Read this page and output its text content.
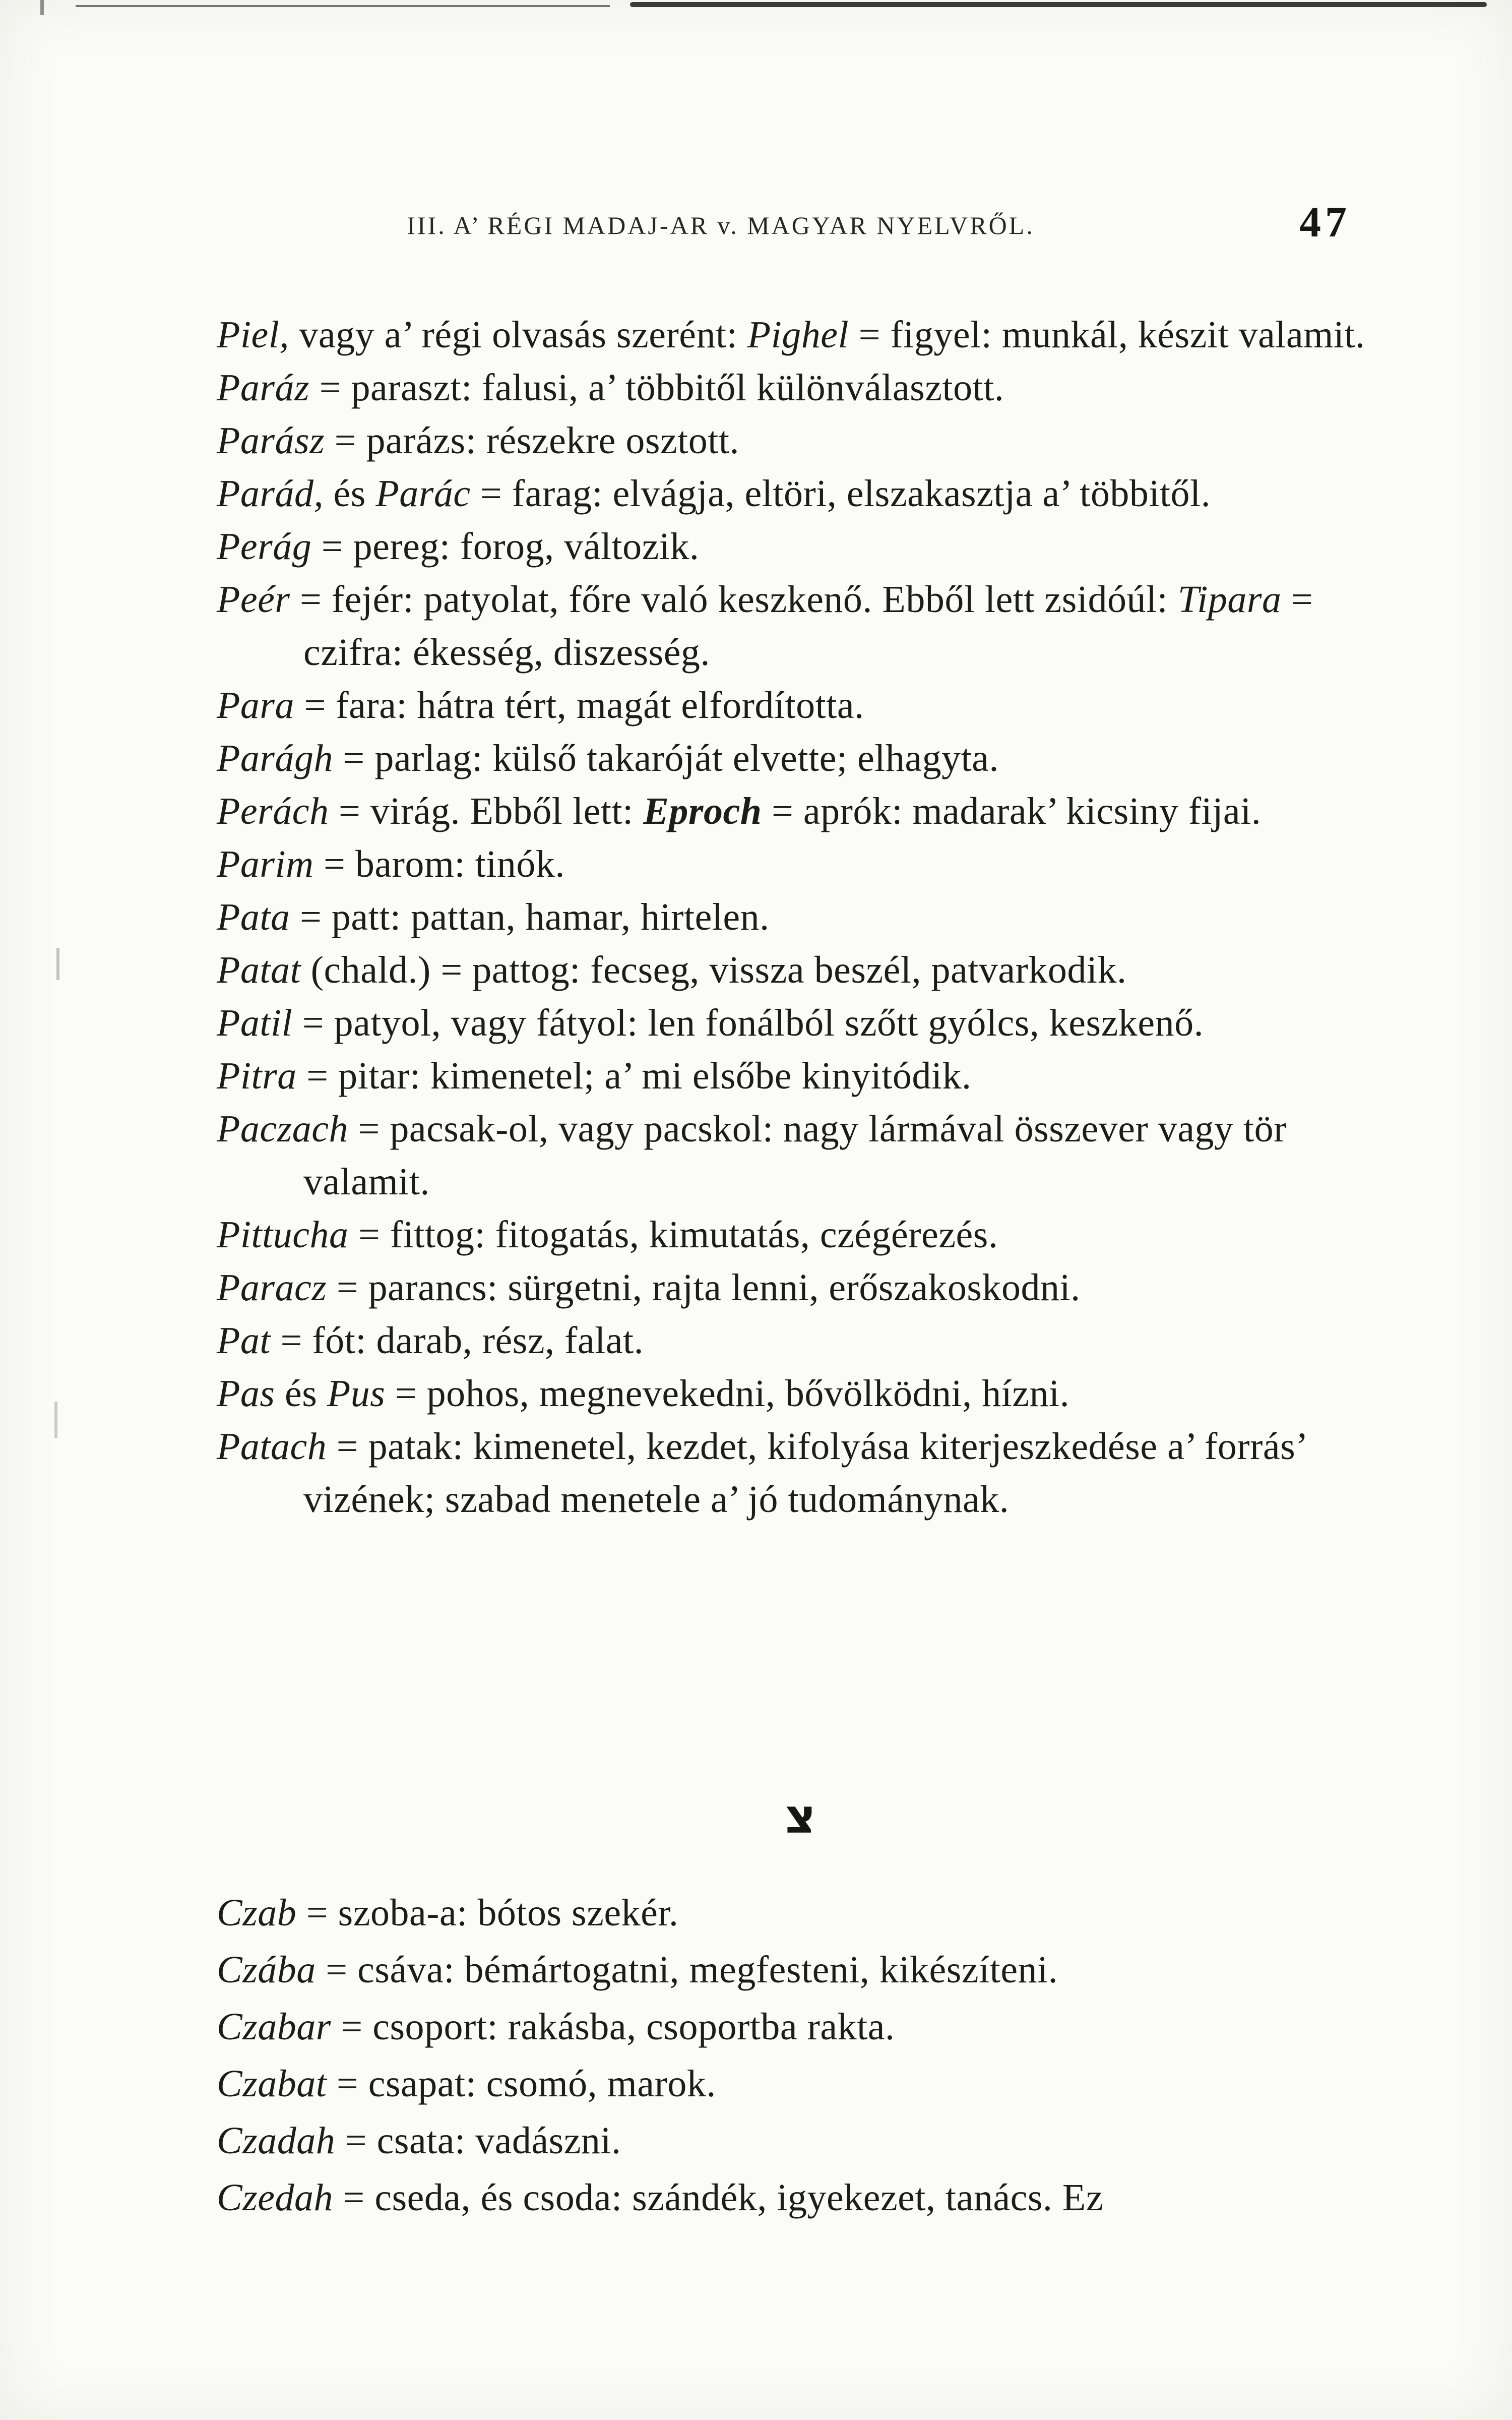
III. A’ RÉGI MADAJ-AR v. MAGYAR NYELVRŐL.	47

Piel, vagy a’ régi olvasás szerént: Pighel = figyel: munkál, készit valamit.

Paráz = paraszt: falusi, a’ többitől különválasztott.

Parász = parázs: részekre osztott.

Parád, és Parác = farag: elvágja, eltöri, elszakasztja a’ többitől.

Perág = pereg: forog, változik.

Peér = fejér: patyolat, főre való keszkenő. Ebből lett zsidóúl: Tipara = czifra: ékesség, diszesség.

Para = fara: hátra tért, magát elfordította.

Parágh = parlag: külső takaróját elvette; elhagyta.

Perách = virág. Ebből lett: Eproch = aprók: madarak’ kicsiny fijai.

Parim = barom: tinók.

Pata = patt: pattan, hamar, hirtelen.

Patat (chald.) = pattog: fecseg, vissza beszél, patvarkodik.

Patil = patyol, vagy fátyol: len fonálból szőtt gyólcs, keszkenő.

Pitra = pitar: kimenetel; a’ mi elsőbe kinyitódik.

Paczach = pacsak-ol, vagy pacskol: nagy lármával összever vagy tör valamit.

Pittucha = fittog: fitogatás, kimutatás, czégérezés.

Paracz = parancs: sürgetni, rajta lenni, erőszakoskodni.

Pat = fót: darab, rész, falat.

Pas és Pus = pohos, megnevekedni, bővölködni, hízni.

Patach = patak: kimenetel, kezdet, kifolyása kiterjeszkedése a’ forrás’ vizének; szabad menetele a’ jó tudománynak.

צ

Czab = szoba-a: bótos szekér.

Czába = csáva: bémártogatni, megfesteni, kikészíteni.

Czabar = csoport: rakásba, csoportba rakta.

Czabat = csapat: csomó, marok.

Czadah = csata: vadászni.

Czedah = cseda, és csoda: szándék, igyekezet, tanács. Ez
